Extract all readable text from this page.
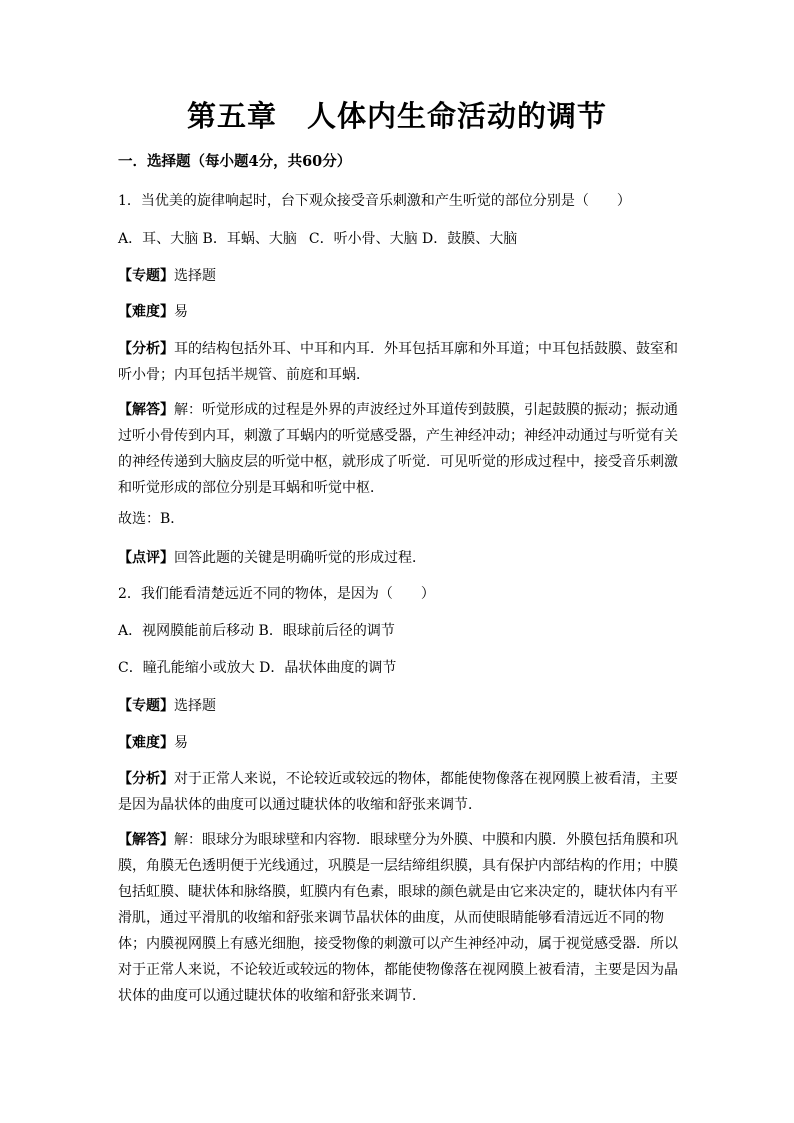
第五章 人体内生命活动的调节
一．选择题（每小题4分，共60分）
1．当优美的旋律响起时，台下观众接受音乐刺激和产生听觉的部位分别是（　　）
A．耳、大脑 B．耳蜗、大脑 C．听小骨、大脑 D．鼓膜、大脑
【专题】选择题
【难度】易
【分析】耳的结构包括外耳、中耳和内耳．外耳包括耳廓和外耳道；中耳包括鼓膜、鼓室和听小骨；内耳包括半规管、前庭和耳蜗．
【解答】解：听觉形成的过程是外界的声波经过外耳道传到鼓膜，引起鼓膜的振动；振动通过听小骨传到内耳，刺激了耳蜗内的听觉感受器，产生神经冲动；神经冲动通过与听觉有关的神经传递到大脑皮层的听觉中枢，就形成了听觉．可见听觉的形成过程中，接受音乐刺激和听觉形成的部位分别是耳蜗和听觉中枢．
故选：B．
【点评】回答此题的关键是明确听觉的形成过程．
2．我们能看清楚远近不同的物体，是因为（　　）
A．视网膜能前后移动 B．眼球前后径的调节
C．瞳孔能缩小或放大 D．晶状体曲度的调节
【专题】选择题
【难度】易
【分析】对于正常人来说，不论较近或较远的物体，都能使物像落在视网膜上被看清，主要是因为晶状体的曲度可以通过睫状体的收缩和舒张来调节．
【解答】解：眼球分为眼球壁和内容物．眼球壁分为外膜、中膜和内膜．外膜包括角膜和巩膜，角膜无色透明便于光线通过，巩膜是一层结缔组织膜，具有保护内部结构的作用；中膜包括虹膜、睫状体和脉络膜，虹膜内有色素，眼球的颜色就是由它来决定的，睫状体内有平滑肌，通过平滑肌的收缩和舒张来调节晶状体的曲度，从而使眼睛能够看清远近不同的物体；内膜视网膜上有感光细胞，接受物像的刺激可以产生神经冲动，属于视觉感受器．所以对于正常人来说，不论较近或较远的物体，都能使物像落在视网膜上被看清，主要是因为晶状体的曲度可以通过睫状体的收缩和舒张来调节．
